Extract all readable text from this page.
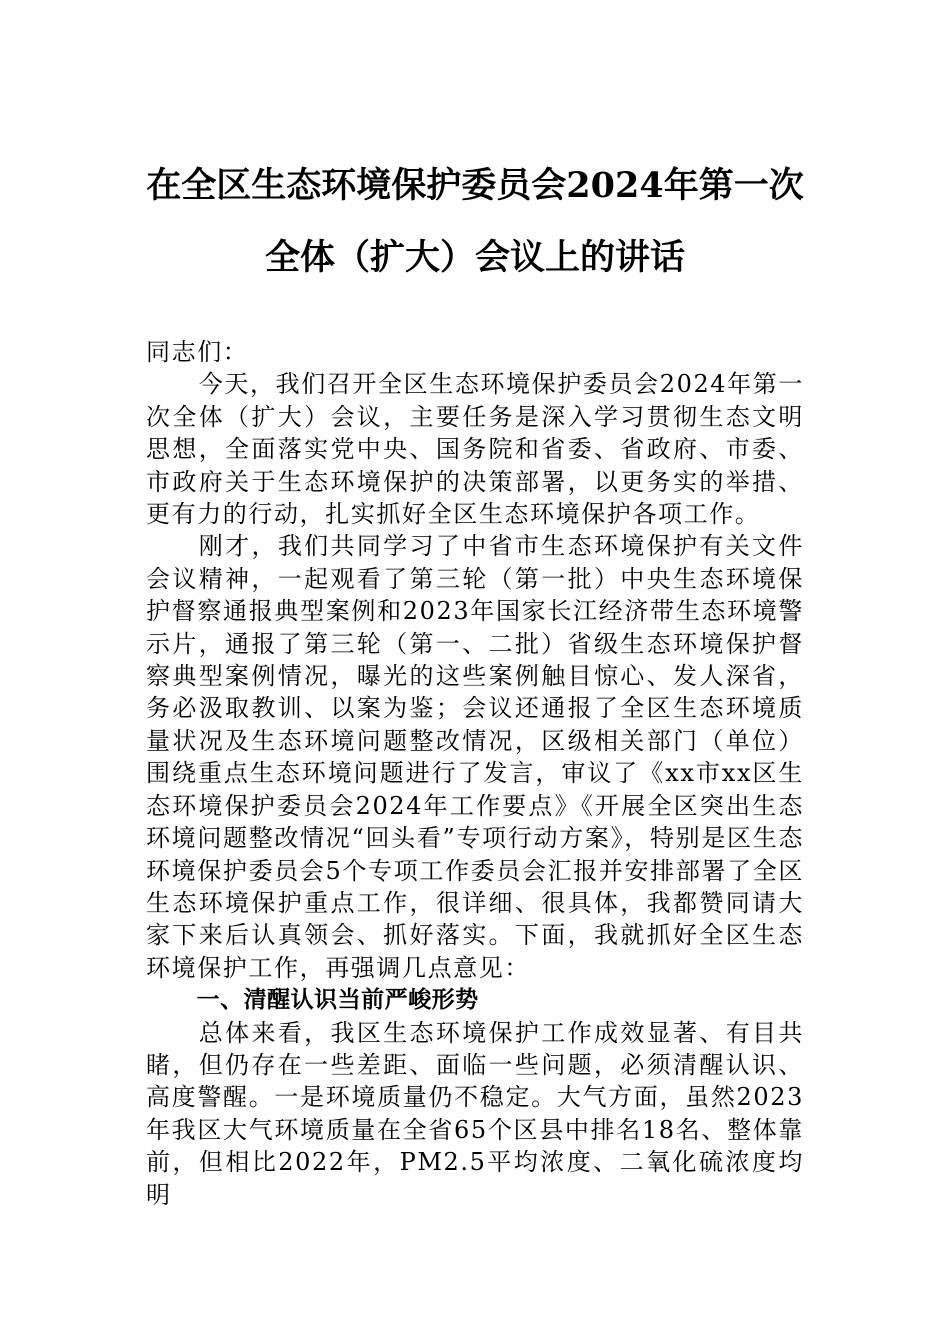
在全区生态环境保护委员会2024年第一次
全体（扩大）会议上的讲话

同志们：

今天，我们召开全区生态环境保护委员会2024年第一次全体（扩大）会议，主要任务是深入学习贯彻生态文明思想，全面落实党中央、国务院和省委、省政府、市委、市政府关于生态环境保护的决策部署，以更务实的举措、更有力的行动，扎实抓好全区生态环境保护各项工作。

刚才，我们共同学习了中省市生态环境保护有关文件会议精神，一起观看了第三轮（第一批）中央生态环境保护督察通报典型案例和2023年国家长江经济带生态环境警示片，通报了第三轮（第一、二批）省级生态环境保护督察典型案例情况，曝光的这些案例触目惊心、发人深省，务必汲取教训、以案为鉴；会议还通报了全区生态环境质量状况及生态环境问题整改情况，区级相关部门（单位）围绕重点生态环境问题进行了发言，审议了《xx市xx区生态环境保护委员会2024年工作要点》《开展全区突出生态环境问题整改情况“回头看”专项行动方案》，特别是区生态环境保护委员会5个专项工作委员会汇报并安排部署了全区生态环境保护重点工作，很详细、很具体，我都赞同请大家下来后认真领会、抓好落实。下面，我就抓好全区生态环境保护工作，再强调几点意见：

一、清醒认识当前严峻形势

总体来看，我区生态环境保护工作成效显著、有目共睹，但仍存在一些差距、面临一些问题，必须清醒认识、高度警醒。一是环境质量仍不稳定。大气方面，虽然2023年我区大气环境质量在全省65个区县中排名18名、整体靠前，但相比2022年，PM2.5平均浓度、二氧化硫浓度均明
